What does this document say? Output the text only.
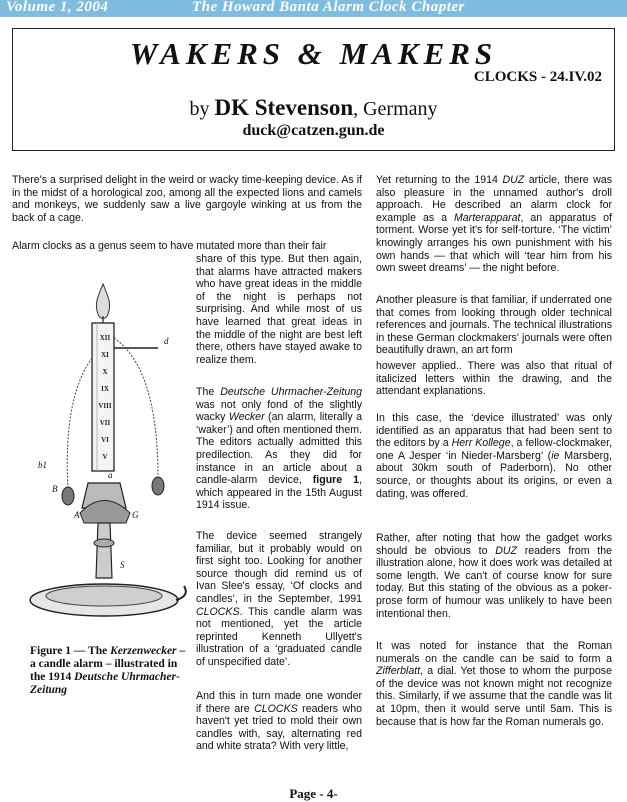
Volume 1, 2004	The Howard Banta Alarm Clock Chapter
WAKERS & MAKERS
CLOCKS - 24.IV.02
by DK Stevenson, Germany
duck@catzen.gun.de

There's a surprised delight in the weird or wacky time-keeping device. As if in the midst of a horological zoo, among all the expected lions and camels and monkeys, we suddenly saw a live gargoyle winking at us from the back of a cage.

Alarm clocks as a genus seem to have mutated more than their fair

share of this type. But then again, that alarms have attracted makers who have great ideas in the middle of the night is perhaps not surprising. And while most of us have learned that great ideas in the middle of the night are best left there, others have stayed awake to realize them.

The Deutsche Uhrmacher-Zeitung was not only fond of the slightly wacky Wecker (an alarm, literally a ‘waker’) and often mentioned them. The editors actually admitted this predilection. As they did for instance in an article about a candle-alarm device, figure 1, which appeared in the 15th August 1914 issue.

The device seemed strangely familiar, but it probably would on first sight too. Looking for another source though did remind us of Ivan Slee's essay, ‘Of clocks and candles’, in the September, 1991 CLOCKS. This candle alarm was not mentioned, yet the article reprinted Kenneth Ullyett's illustration of a ‘graduated candle of unspecified date’.

And this in turn made one wonder if there are CLOCKS readers who haven't yet tried to mold their own candles with, say, alternating red and white strata? With very little,

XII
XI
X
IX
VIII
VII
VI
V
d
b1
B
A	G
a
S
Figure 1 — The Kerzenwecker – a candle alarm – illustrated in the 1914 Deutsche Uhrmacher-Zeitung

Yet returning to the 1914 DUZ article, there was also pleasure in the unnamed author's droll approach. He described an alarm clock for example as a Marterapparat, an apparatus of torment. Worse yet it's for self-torture. ‘The victim’ knowingly arranges his own punishment with his own hands — that which will ‘tear him from his own sweet dreams’ — the night before.

Another pleasure is that familiar, if underrated one that comes from looking through older technical references and journals. The technical illustrations in these German clockmakers' journals were often beautifully drawn, an art form

however applied.. There was also that ritual of italicized letters within the drawing, and the attendant explanations.

In this case, the ‘device illustrated’ was only identified as an apparatus that had been sent to the editors by a Herr Kollege, a fellow-clockmaker, one A Jesper ‘in Nieder-Marsberg’ (ie Marsberg, about 30km south of Paderborn). No other source, or thoughts about its origins, or even a dating, was offered.

Rather, after noting that how the gadget works should be obvious to DUZ readers from the illustration alone, how it does work was detailed at some length. We can't of course know for sure today. But this stating of the obvious as a poker-prose form of humour was unlikely to have been intentional then.

It was noted for instance that the Roman numerals on the candle can be said to form a Zifferblatt, a dial. Yet those to whom the purpose of the device was not known might not recognize this. Similarly, if we assume that the candle was lit at 10pm, then it would serve until 5am. This is because that is how far the Roman numerals go.

Page - 4-
